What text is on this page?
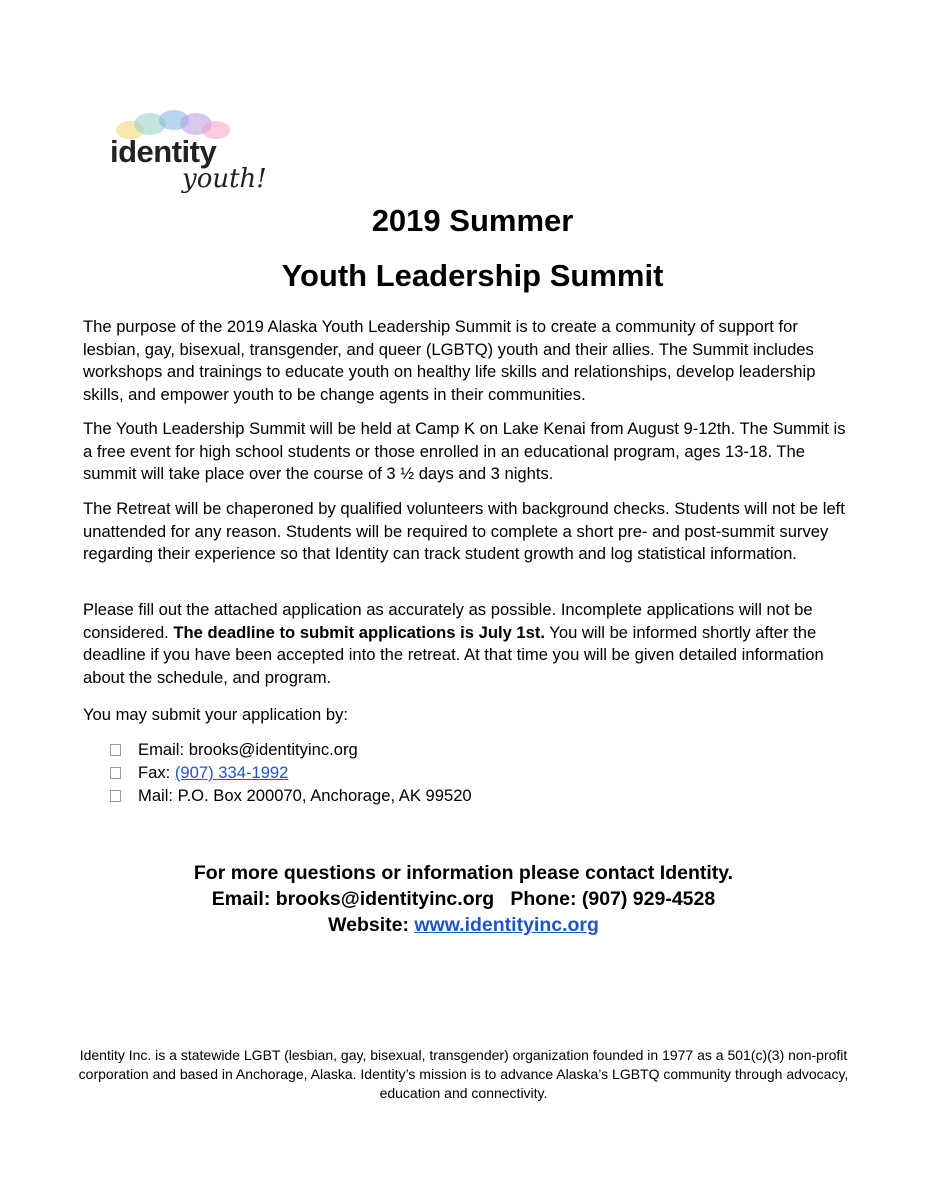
identity
youth!
2019 Summer
Youth Leadership Summit

The purpose of the 2019 Alaska Youth Leadership Summit is to create a community of support for lesbian, gay, bisexual, transgender, and queer (LGBTQ) youth and their allies. The Summit includes workshops and trainings to educate youth on healthy life skills and relationships, develop leadership skills, and empower youth to be change agents in their communities.

The Youth Leadership Summit will be held at Camp K on Lake Kenai from August 9-12th. The Summit is a free event for high school students or those enrolled in an educational program, ages 13-18. The summit will take place over the course of 3 ½ days and 3 nights.

The Retreat will be chaperoned by qualified volunteers with background checks. Students will not be left unattended for any reason. Students will be required to complete a short pre- and post-summit survey regarding their experience so that Identity can track student growth and log statistical information.

Please fill out the attached application as accurately as possible. Incomplete applications will not be considered. The deadline to submit applications is July 1st. You will be informed shortly after the deadline if you have been accepted into the retreat. At that time you will be given detailed information about the schedule, and program.

You may submit your application by:

Email: brooks@identityinc.org
Fax:
(907) 334-1992
Mail: P.O. Box 200070, Anchorage, AK 99520
For more questions or information please contact Identity.
Email: brooks@identityinc.org   Phone: (907) 929-4528
Website: www.identityinc.org

Identity Inc. is a statewide LGBT (lesbian, gay, bisexual, transgender) organization founded in 1977 as a 501(c)(3) non-profit corporation and based in Anchorage, Alaska. Identity’s mission is to advance Alaska’s LGBTQ community through advocacy, education and connectivity.
